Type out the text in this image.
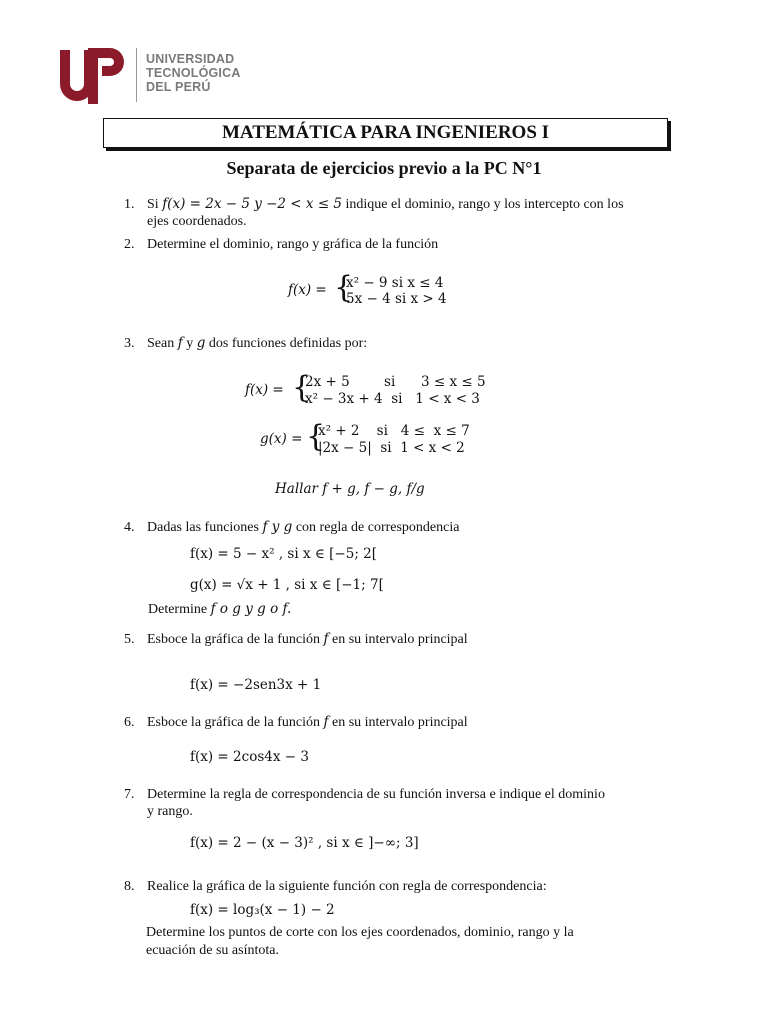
UNIVERSIDAD
TECNOLÓGICA
DEL PERÚ
MATEMÁTICA PARA INGENIEROS I
Separata de ejercicios previo a la PC N°1
1. Si f(x) = 2x − 5 y −2 < x ≤ 5 indique el dominio, rango y los intercepto con los
ejes coordenados.
2. Determine el dominio, rango y gráfica de la función
f(x) = {
x² − 9 si x ≤ 4
5x − 4 si x > 4
3. Sean f y g dos funciones definidas por:
f(x) = {
2x + 5        si      3 ≤ x ≤ 5
x² − 3x + 4  si   1 < x < 3
g(x) = {
x² + 2    si   4 ≤  x ≤ 7
|2x − 5|  si  1 < x < 2
Hallar f + g, f − g, f/g
4. Dadas las funciones f y g con regla de correspondencia
f(x) = 5 − x² , si x ∈ [−5; 2[
g(x) = √x + 1 , si x ∈ [−1; 7[
Determine f o g y g o f.
5. Esboce la gráfica de la función f en su intervalo principal
f(x) = −2sen3x + 1
6. Esboce la gráfica de la función f en su intervalo principal
f(x) = 2cos4x − 3
7. Determine la regla de correspondencia de su función inversa e indique el dominio
y rango.
f(x) = 2 − (x − 3)² , si x ∈ ]−∞; 3]
8. Realice la gráfica de la siguiente función con regla de correspondencia:
f(x) = log₃(x − 1) − 2
Determine los puntos de corte con los ejes coordenados, dominio, rango y la
ecuación de su asíntota.
